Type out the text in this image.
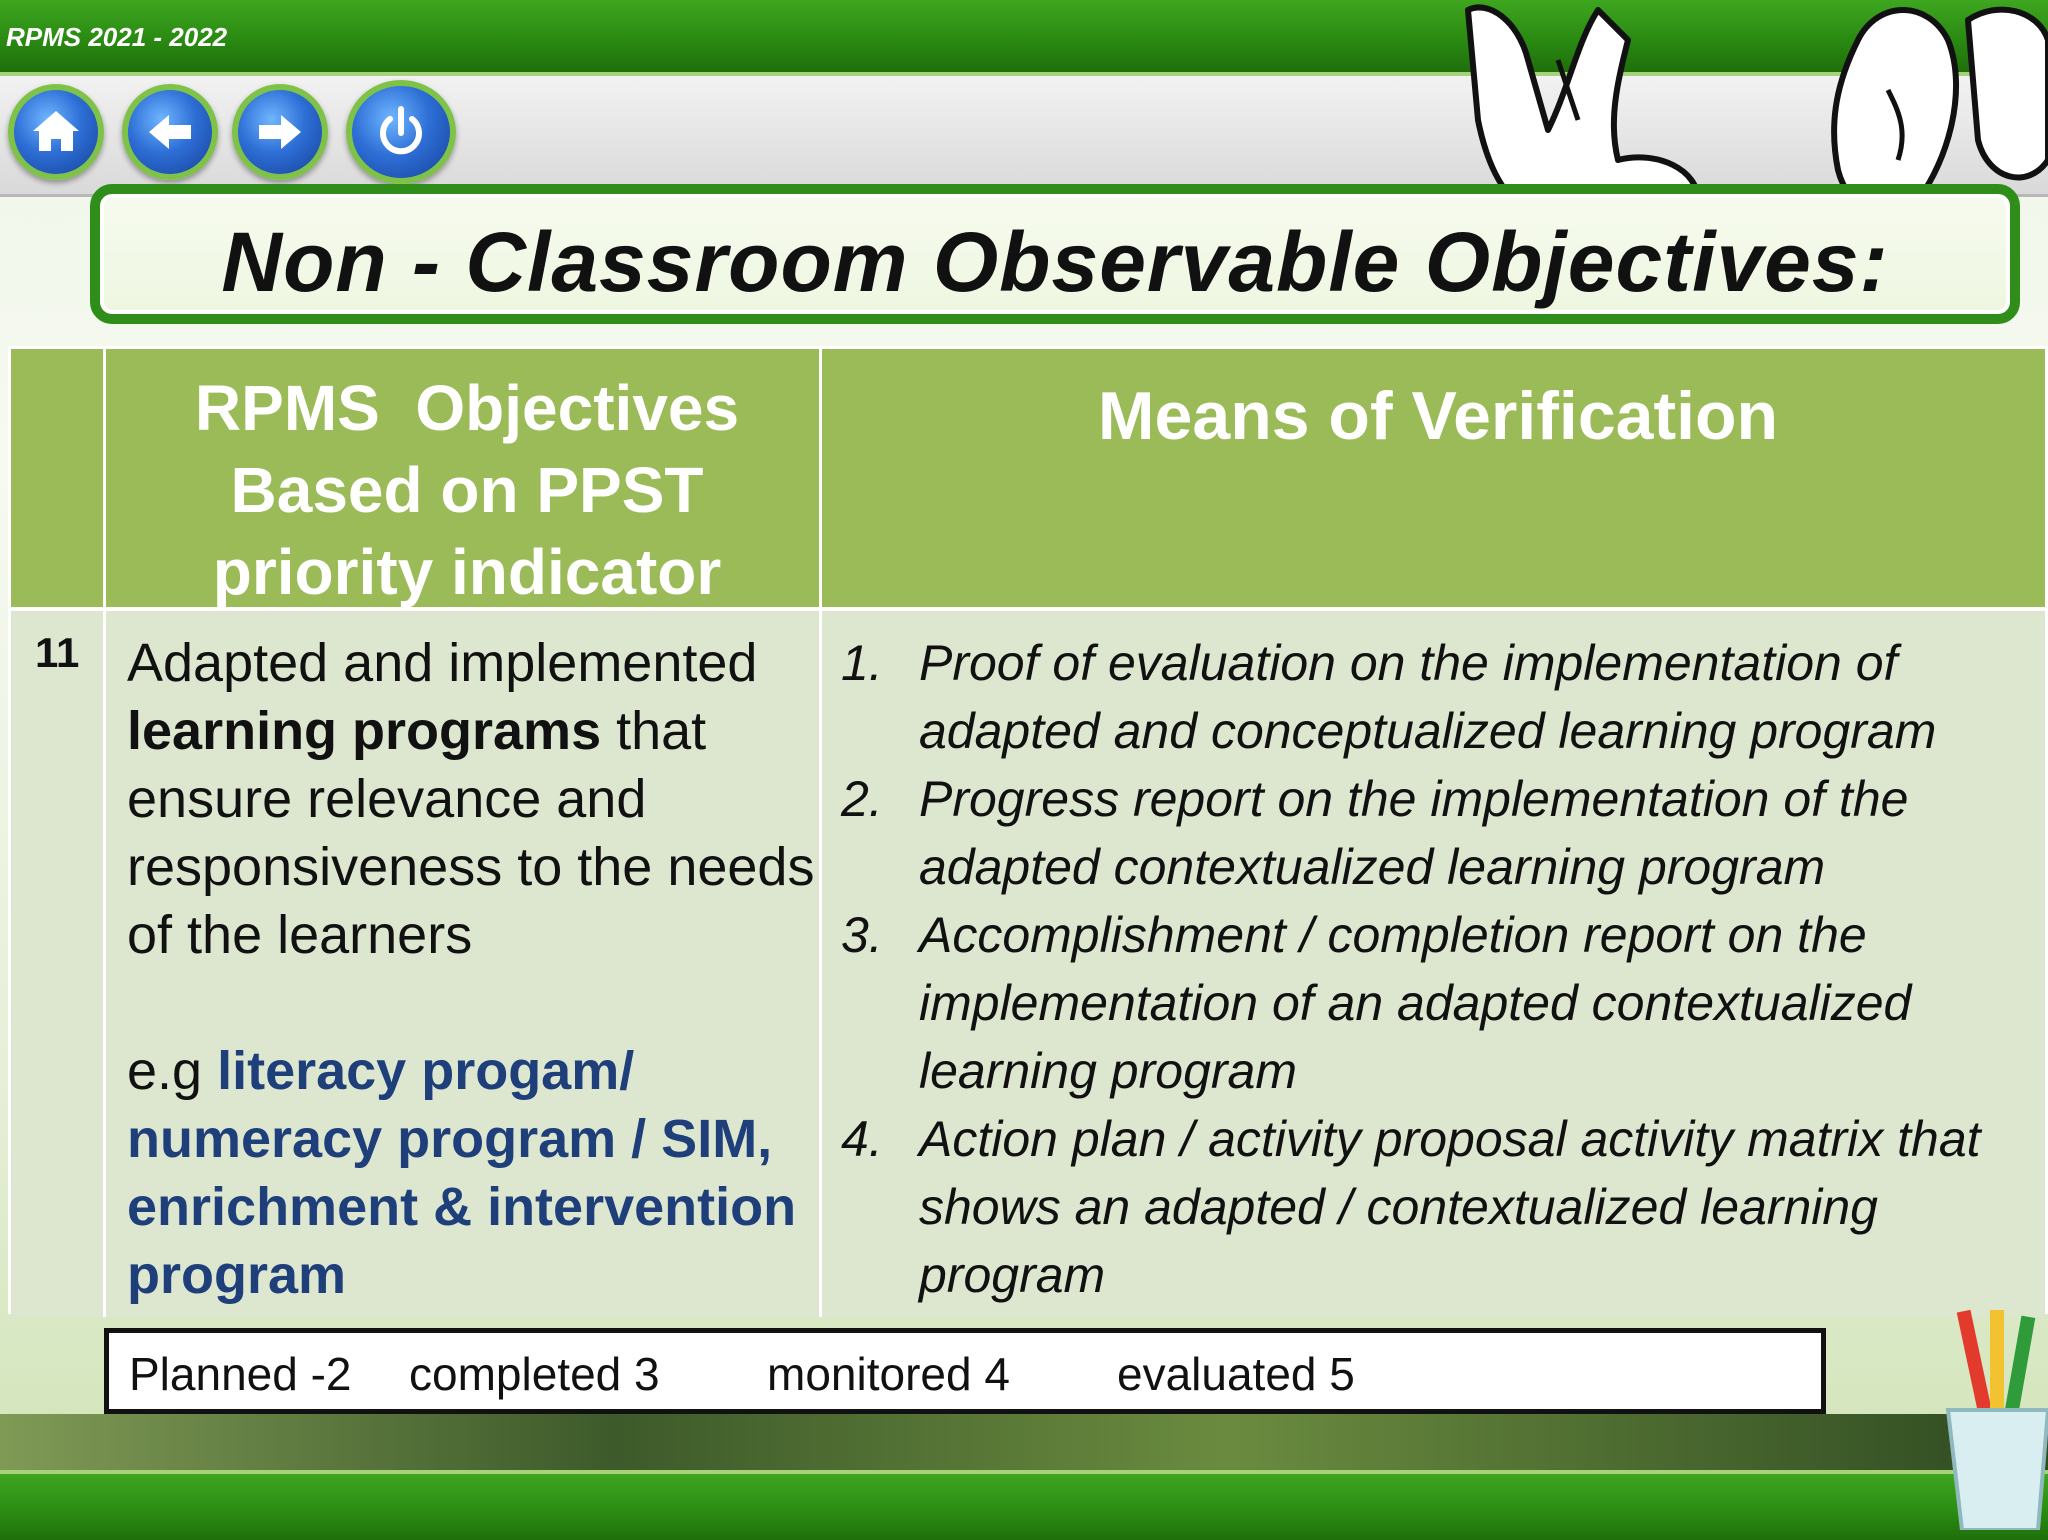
RPMS 2021 - 2022
Non - Classroom Observable Objectives:
RPMS  Objectives
Based on PPST
priority indicator
Means of Verification
11 Adapted and implemented learning programs that ensure relevance and responsiveness to the needs of the learners
e.g literacy progam/ numeracy program / SIM, enrichment & intervention program
1. Proof of evaluation on the implementation of adapted and conceptualized learning program
2. Progress report on the implementation of the adapted contextualized learning program
3. Accomplishment / completion report on the implementation of an adapted contextualized learning program
4. Action plan / activity proposal activity matrix that shows an adapted / contextualized learning program
Planned -2 completed 3 monitored 4 evaluated 5
